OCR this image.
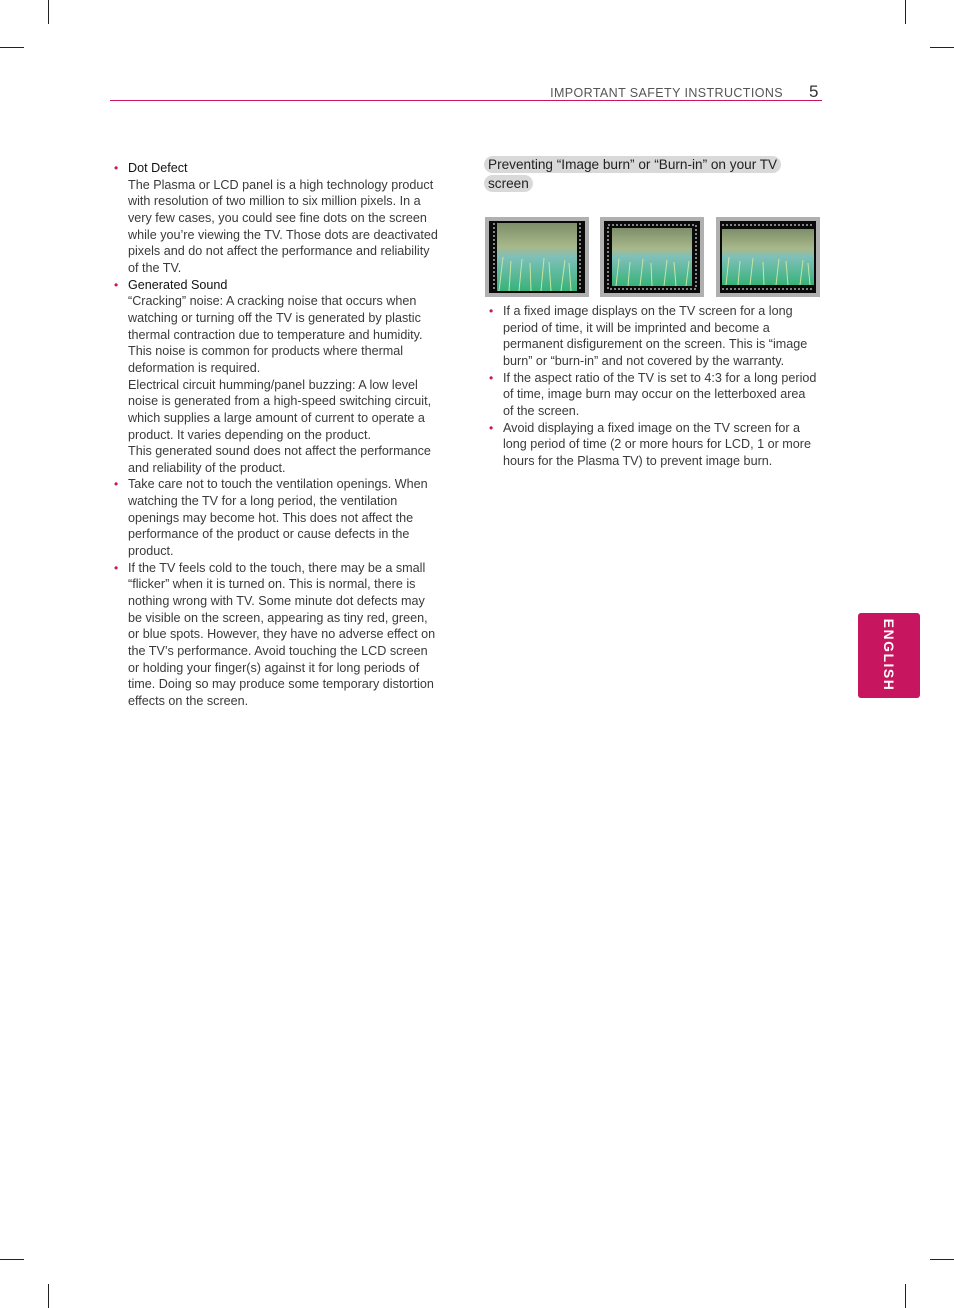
IMPORTANT SAFETY INSTRUCTIONS 5
• Dot Defect
The Plasma or LCD panel is a high technology product with resolution of two million to six million pixels. In a very few cases, you could see fine dots on the screen while you’re viewing the TV. Those dots are deactivated pixels and do not affect the performance and reliability of the TV.
• Generated Sound
“Cracking” noise: A cracking noise that occurs when watching or turning off the TV is generated by plastic thermal contraction due to temperature and humidity. This noise is common for products where thermal deformation is required.
Electrical circuit humming/panel buzzing: A low level noise is generated from a high-speed switching circuit, which supplies a large amount of current to operate a product. It varies depending on the product.
This generated sound does not affect the performance and reliability of the product.
• Take care not to touch the ventilation openings. When watching the TV for a long period, the ventilation openings may become hot. This does not affect the performance of the product or cause defects in the product.
• If the TV feels cold to the touch, there may be a small “flicker” when it is turned on. This is normal, there is nothing wrong with TV. Some minute dot defects may be visible on the screen, appearing as tiny red, green, or blue spots. However, they have no adverse effect on the TV’s performance. Avoid touching the LCD screen or holding your finger(s) against it for long periods of time. Doing so may produce some temporary distortion effects on the screen.
Preventing “Image burn” or “Burn-in” on your TV screen
• If a fixed image displays on the TV screen for a long period of time, it will be imprinted and become a permanent disfigurement on the screen. This is “image burn” or “burn-in” and not covered by the warranty.
• If the aspect ratio of the TV is set to 4:3 for a long period of time, image burn may occur on the letterboxed area of the screen.
• Avoid displaying a fixed image on the TV screen for a long period of time (2 or more hours for LCD, 1 or more hours for the Plasma TV) to prevent image burn.
ENGLISH
